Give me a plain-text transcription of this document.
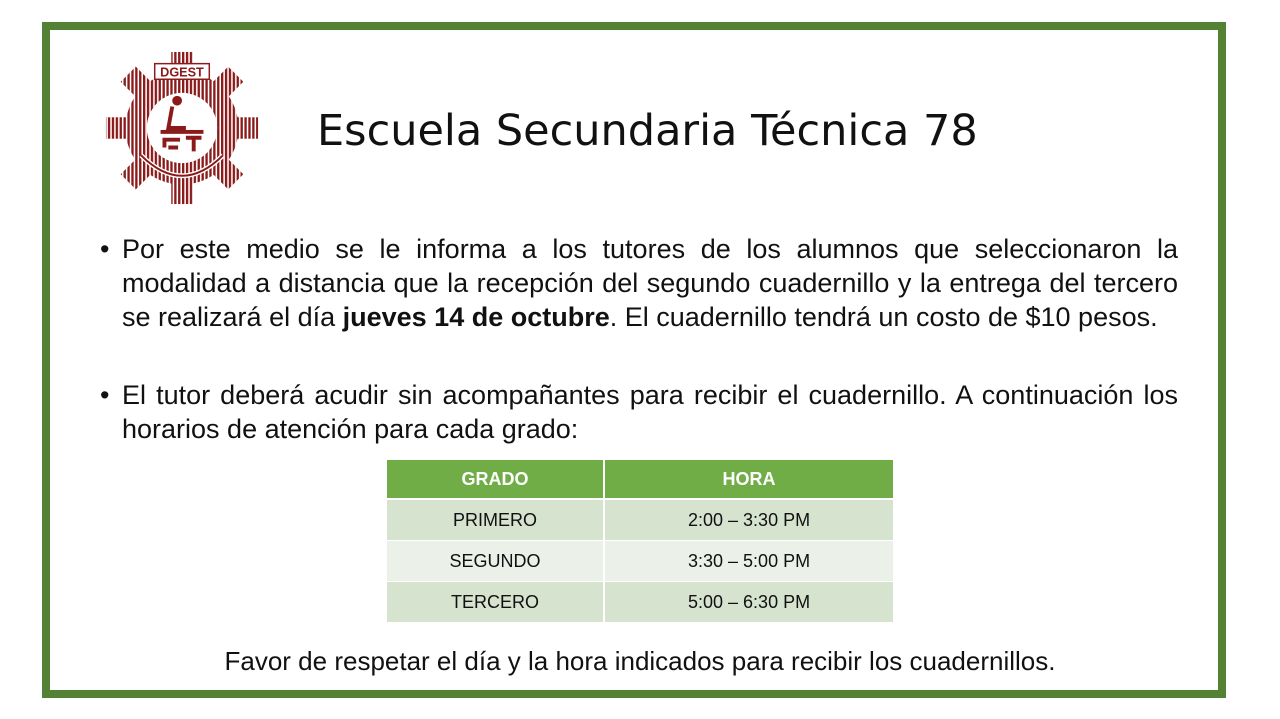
DGEST
Escuela Secundaria Técnica 78
• Por este medio se le informa a los tutores de los alumnos que seleccionaron la modalidad a distancia que la recepción del segundo cuadernillo y la entrega del tercero se realizará el día jueves 14 de octubre. El cuadernillo tendrá un costo de $10 pesos.
• El tutor deberá acudir sin acompañantes para recibir el cuadernillo. A continuación los horarios de atención para cada grado:
GRADO	HORA
PRIMERO	2:00 – 3:30 PM
SEGUNDO	3:30 – 5:00 PM
TERCERO	5:00 – 6:30 PM

Favor de respetar el día y la hora indicados para recibir los cuadernillos.
